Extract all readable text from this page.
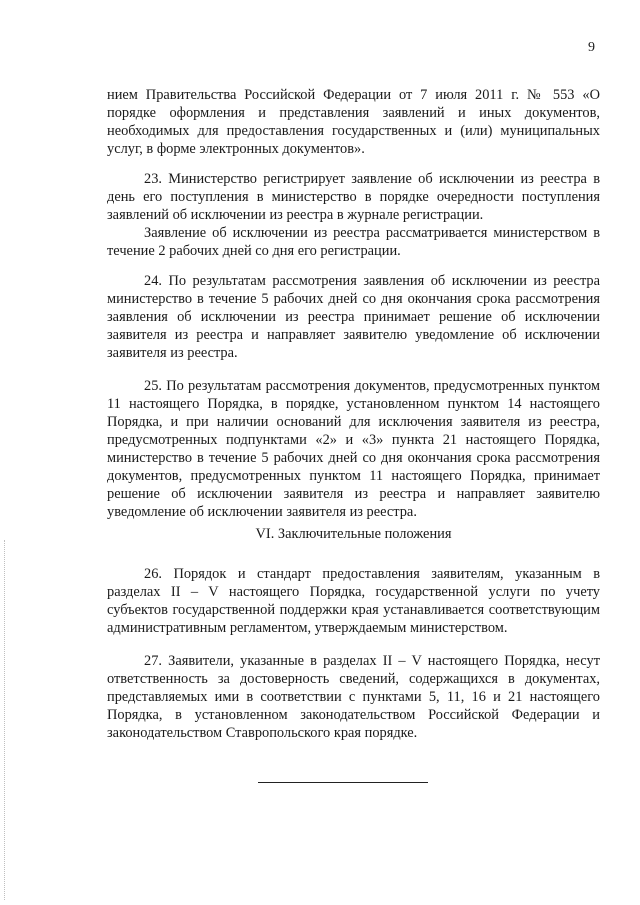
9

нием Правительства Российской Федерации от 7 июля 2011 г. № 553 «О порядке оформления и представления заявлений и иных документов, необходимых для предоставления государственных и (или) муниципальных услуг, в форме электронных документов».

23. Министерство регистрирует заявление об исключении из реестра в день его поступления в министерство в порядке очередности поступления заявлений об исключении из реестра в журнале регистрации.

Заявление об исключении из реестра рассматривается министерством в течение 2 рабочих дней со дня его регистрации.

24. По результатам рассмотрения заявления об исключении из реестра министерство в течение 5 рабочих дней со дня окончания срока рассмотрения заявления об исключении из реестра принимает решение об исключении заявителя из реестра и направляет заявителю уведомление об исключении заявителя из реестра.

25. По результатам рассмотрения документов, предусмотренных пунктом 11 настоящего Порядка, в порядке, установленном пунктом 14 настоящего Порядка, и при наличии оснований для исключения заявителя из реестра, предусмотренных подпунктами «2» и «3» пункта 21 настоящего Порядка, министерство в течение 5 рабочих дней со дня окончания срока рассмотрения документов, предусмотренных пунктом 11 настоящего Порядка, принимает решение об исключении заявителя из реестра и направляет заявителю уведомление об исключении заявителя из реестра.

VI. Заключительные положения

26. Порядок и стандарт предоставления заявителям, указанным в разделах II – V настоящего Порядка, государственной услуги по учету субъектов государственной поддержки края устанавливается соответствующим административным регламентом, утверждаемым министерством.

27. Заявители, указанные в разделах II – V настоящего Порядка, несут ответственность за достоверность сведений, содержащихся в документах, представляемых ими в соответствии с пунктами 5, 11, 16 и 21 настоящего Порядка, в установленном законодательством Российской Федерации и законодательством Ставропольского края порядке.
